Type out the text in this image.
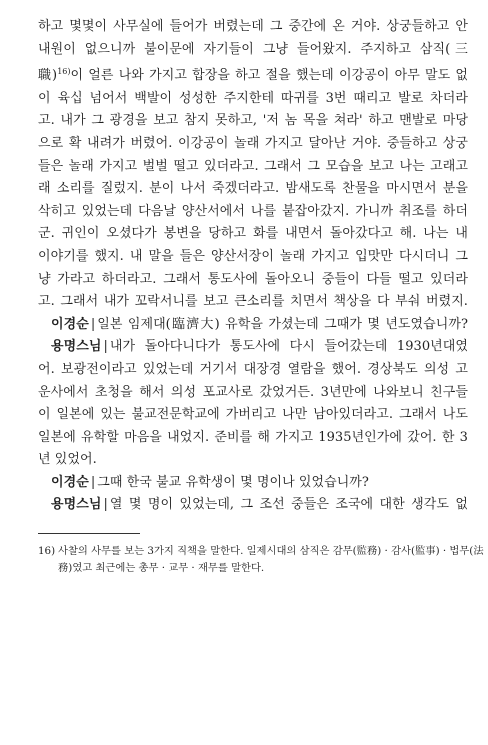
하고 몇몇이 사무실에 들어가 버렸는데 그 중간에 온 거야. 상궁들하고 안
내원이 없으니까 불이문에 자기들이 그냥 들어왔지. 주지하고 삼직(三
職)$^{16)}$이 얼른 나와 가지고 합장을 하고 절을 했는데 이강공이 아무 말도 없
이 육십 넘어서 백발이 성성한 주지한테 따귀를 3번 때리고 발로 차더라
고. 내가 그 광경을 보고 참지 못하고, '저 놈 목을 쳐라' 하고 맨발로 마당
으로 확 내려가 버렸어. 이강공이 놀래 가지고 달아난 거야. 중들하고 상궁
들은 놀래 가지고 벌벌 떨고 있더라고. 그래서 그 모습을 보고 나는 고래고
래 소리를 질렀지. 분이 나서 죽겠더라고. 밤새도록 찬물을 마시면서 분을
삭히고 있었는데 다음날 양산서에서 나를 붙잡아갔지. 가니까 취조를 하더
군. 귀인이 오셨다가 봉변을 당하고 화를 내면서 돌아갔다고 해. 나는 내
이야기를 했지. 내 말을 들은 양산서장이 놀래 가지고 입맛만 다시더니 그
냥 가라고 하더라고. 그래서 통도사에 돌아오니 중들이 다들 떨고 있더라
고. 그래서 내가 꼬락서니를 보고 큰소리를 치면서 책상을 다 부숴 버렸지.
이경순 | 일본 임제대(臨濟大) 유학을 가셨는데 그때가 몇 년도였습니까?
용명스님 | 내가 돌아다니다가 통도사에 다시 들어갔는데 1930년대였
어. 보광전이라고 있었는데 거기서 대장경 열람을 했어. 경상북도 의성 고
운사에서 초청을 해서 의성 포교사로 갔었거든. 3년만에 나와보니 친구들
이 일본에 있는 불교전문학교에 가버리고 나만 남아있더라고. 그래서 나도
일본에 유학할 마음을 내었지. 준비를 해 가지고 1935년인가에 갔어. 한 3
년 있었어.
이경순 | 그때 한국 불교 유학생이 몇 명이나 있었습니까?
용명스님 | 열 몇 명이 있었는데, 그 조선 중들은 조국에 대한 생각도 없
16) 사찰의 사무를 보는 3가지 직책을 말한다. 일제시대의 삼직은 감무(監務) · 감사(監事) · 법무(法
務)였고 최근에는 총무 · 교무 · 재무를 말한다.
